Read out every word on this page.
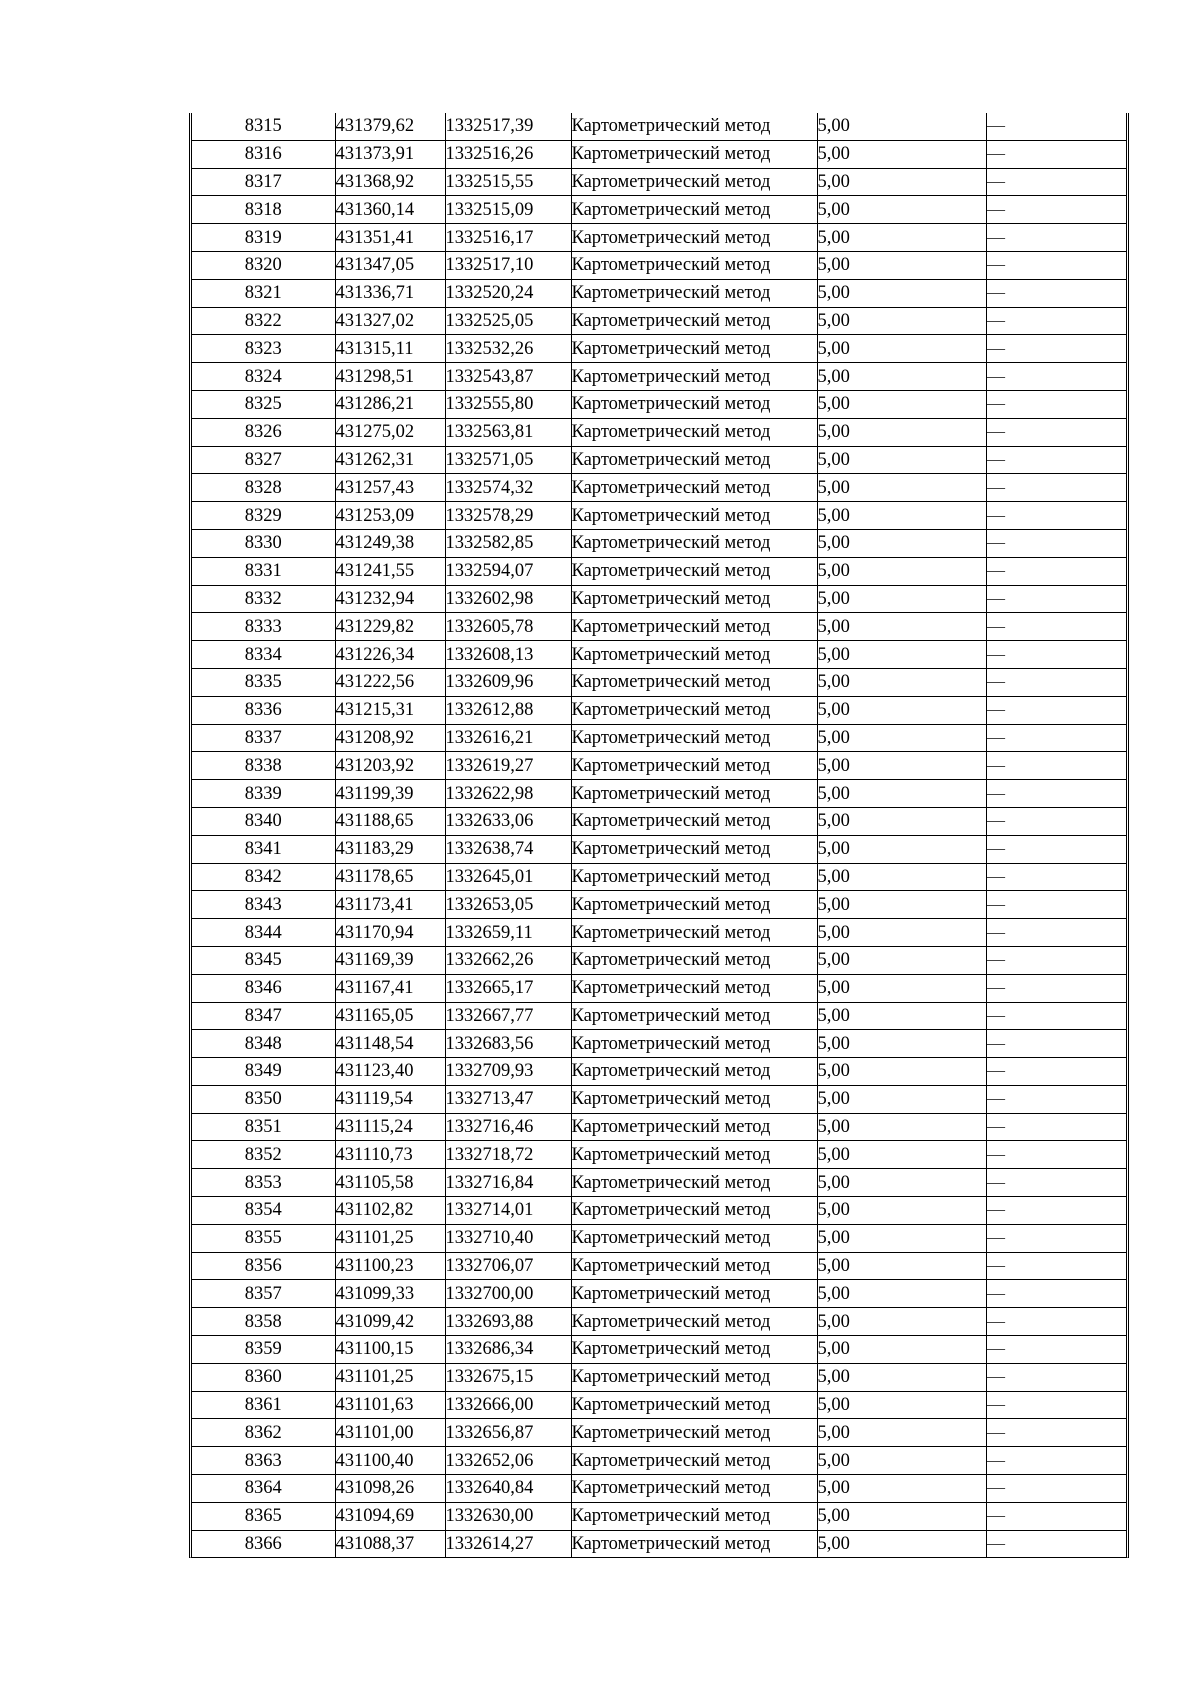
8315	431379,62	1332517,39	Картометрический метод	5,00	—
8316	431373,91	1332516,26	Картометрический метод	5,00	—
8317	431368,92	1332515,55	Картометрический метод	5,00	—
8318	431360,14	1332515,09	Картометрический метод	5,00	—
8319	431351,41	1332516,17	Картометрический метод	5,00	—
8320	431347,05	1332517,10	Картометрический метод	5,00	—
8321	431336,71	1332520,24	Картометрический метод	5,00	—
8322	431327,02	1332525,05	Картометрический метод	5,00	—
8323	431315,11	1332532,26	Картометрический метод	5,00	—
8324	431298,51	1332543,87	Картометрический метод	5,00	—
8325	431286,21	1332555,80	Картометрический метод	5,00	—
8326	431275,02	1332563,81	Картометрический метод	5,00	—
8327	431262,31	1332571,05	Картометрический метод	5,00	—
8328	431257,43	1332574,32	Картометрический метод	5,00	—
8329	431253,09	1332578,29	Картометрический метод	5,00	—
8330	431249,38	1332582,85	Картометрический метод	5,00	—
8331	431241,55	1332594,07	Картометрический метод	5,00	—
8332	431232,94	1332602,98	Картометрический метод	5,00	—
8333	431229,82	1332605,78	Картометрический метод	5,00	—
8334	431226,34	1332608,13	Картометрический метод	5,00	—
8335	431222,56	1332609,96	Картометрический метод	5,00	—
8336	431215,31	1332612,88	Картометрический метод	5,00	—
8337	431208,92	1332616,21	Картометрический метод	5,00	—
8338	431203,92	1332619,27	Картометрический метод	5,00	—
8339	431199,39	1332622,98	Картометрический метод	5,00	—
8340	431188,65	1332633,06	Картометрический метод	5,00	—
8341	431183,29	1332638,74	Картометрический метод	5,00	—
8342	431178,65	1332645,01	Картометрический метод	5,00	—
8343	431173,41	1332653,05	Картометрический метод	5,00	—
8344	431170,94	1332659,11	Картометрический метод	5,00	—
8345	431169,39	1332662,26	Картометрический метод	5,00	—
8346	431167,41	1332665,17	Картометрический метод	5,00	—
8347	431165,05	1332667,77	Картометрический метод	5,00	—
8348	431148,54	1332683,56	Картометрический метод	5,00	—
8349	431123,40	1332709,93	Картометрический метод	5,00	—
8350	431119,54	1332713,47	Картометрический метод	5,00	—
8351	431115,24	1332716,46	Картометрический метод	5,00	—
8352	431110,73	1332718,72	Картометрический метод	5,00	—
8353	431105,58	1332716,84	Картометрический метод	5,00	—
8354	431102,82	1332714,01	Картометрический метод	5,00	—
8355	431101,25	1332710,40	Картометрический метод	5,00	—
8356	431100,23	1332706,07	Картометрический метод	5,00	—
8357	431099,33	1332700,00	Картометрический метод	5,00	—
8358	431099,42	1332693,88	Картометрический метод	5,00	—
8359	431100,15	1332686,34	Картометрический метод	5,00	—
8360	431101,25	1332675,15	Картометрический метод	5,00	—
8361	431101,63	1332666,00	Картометрический метод	5,00	—
8362	431101,00	1332656,87	Картометрический метод	5,00	—
8363	431100,40	1332652,06	Картометрический метод	5,00	—
8364	431098,26	1332640,84	Картометрический метод	5,00	—
8365	431094,69	1332630,00	Картометрический метод	5,00	—
8366	431088,37	1332614,27	Картометрический метод	5,00	—
